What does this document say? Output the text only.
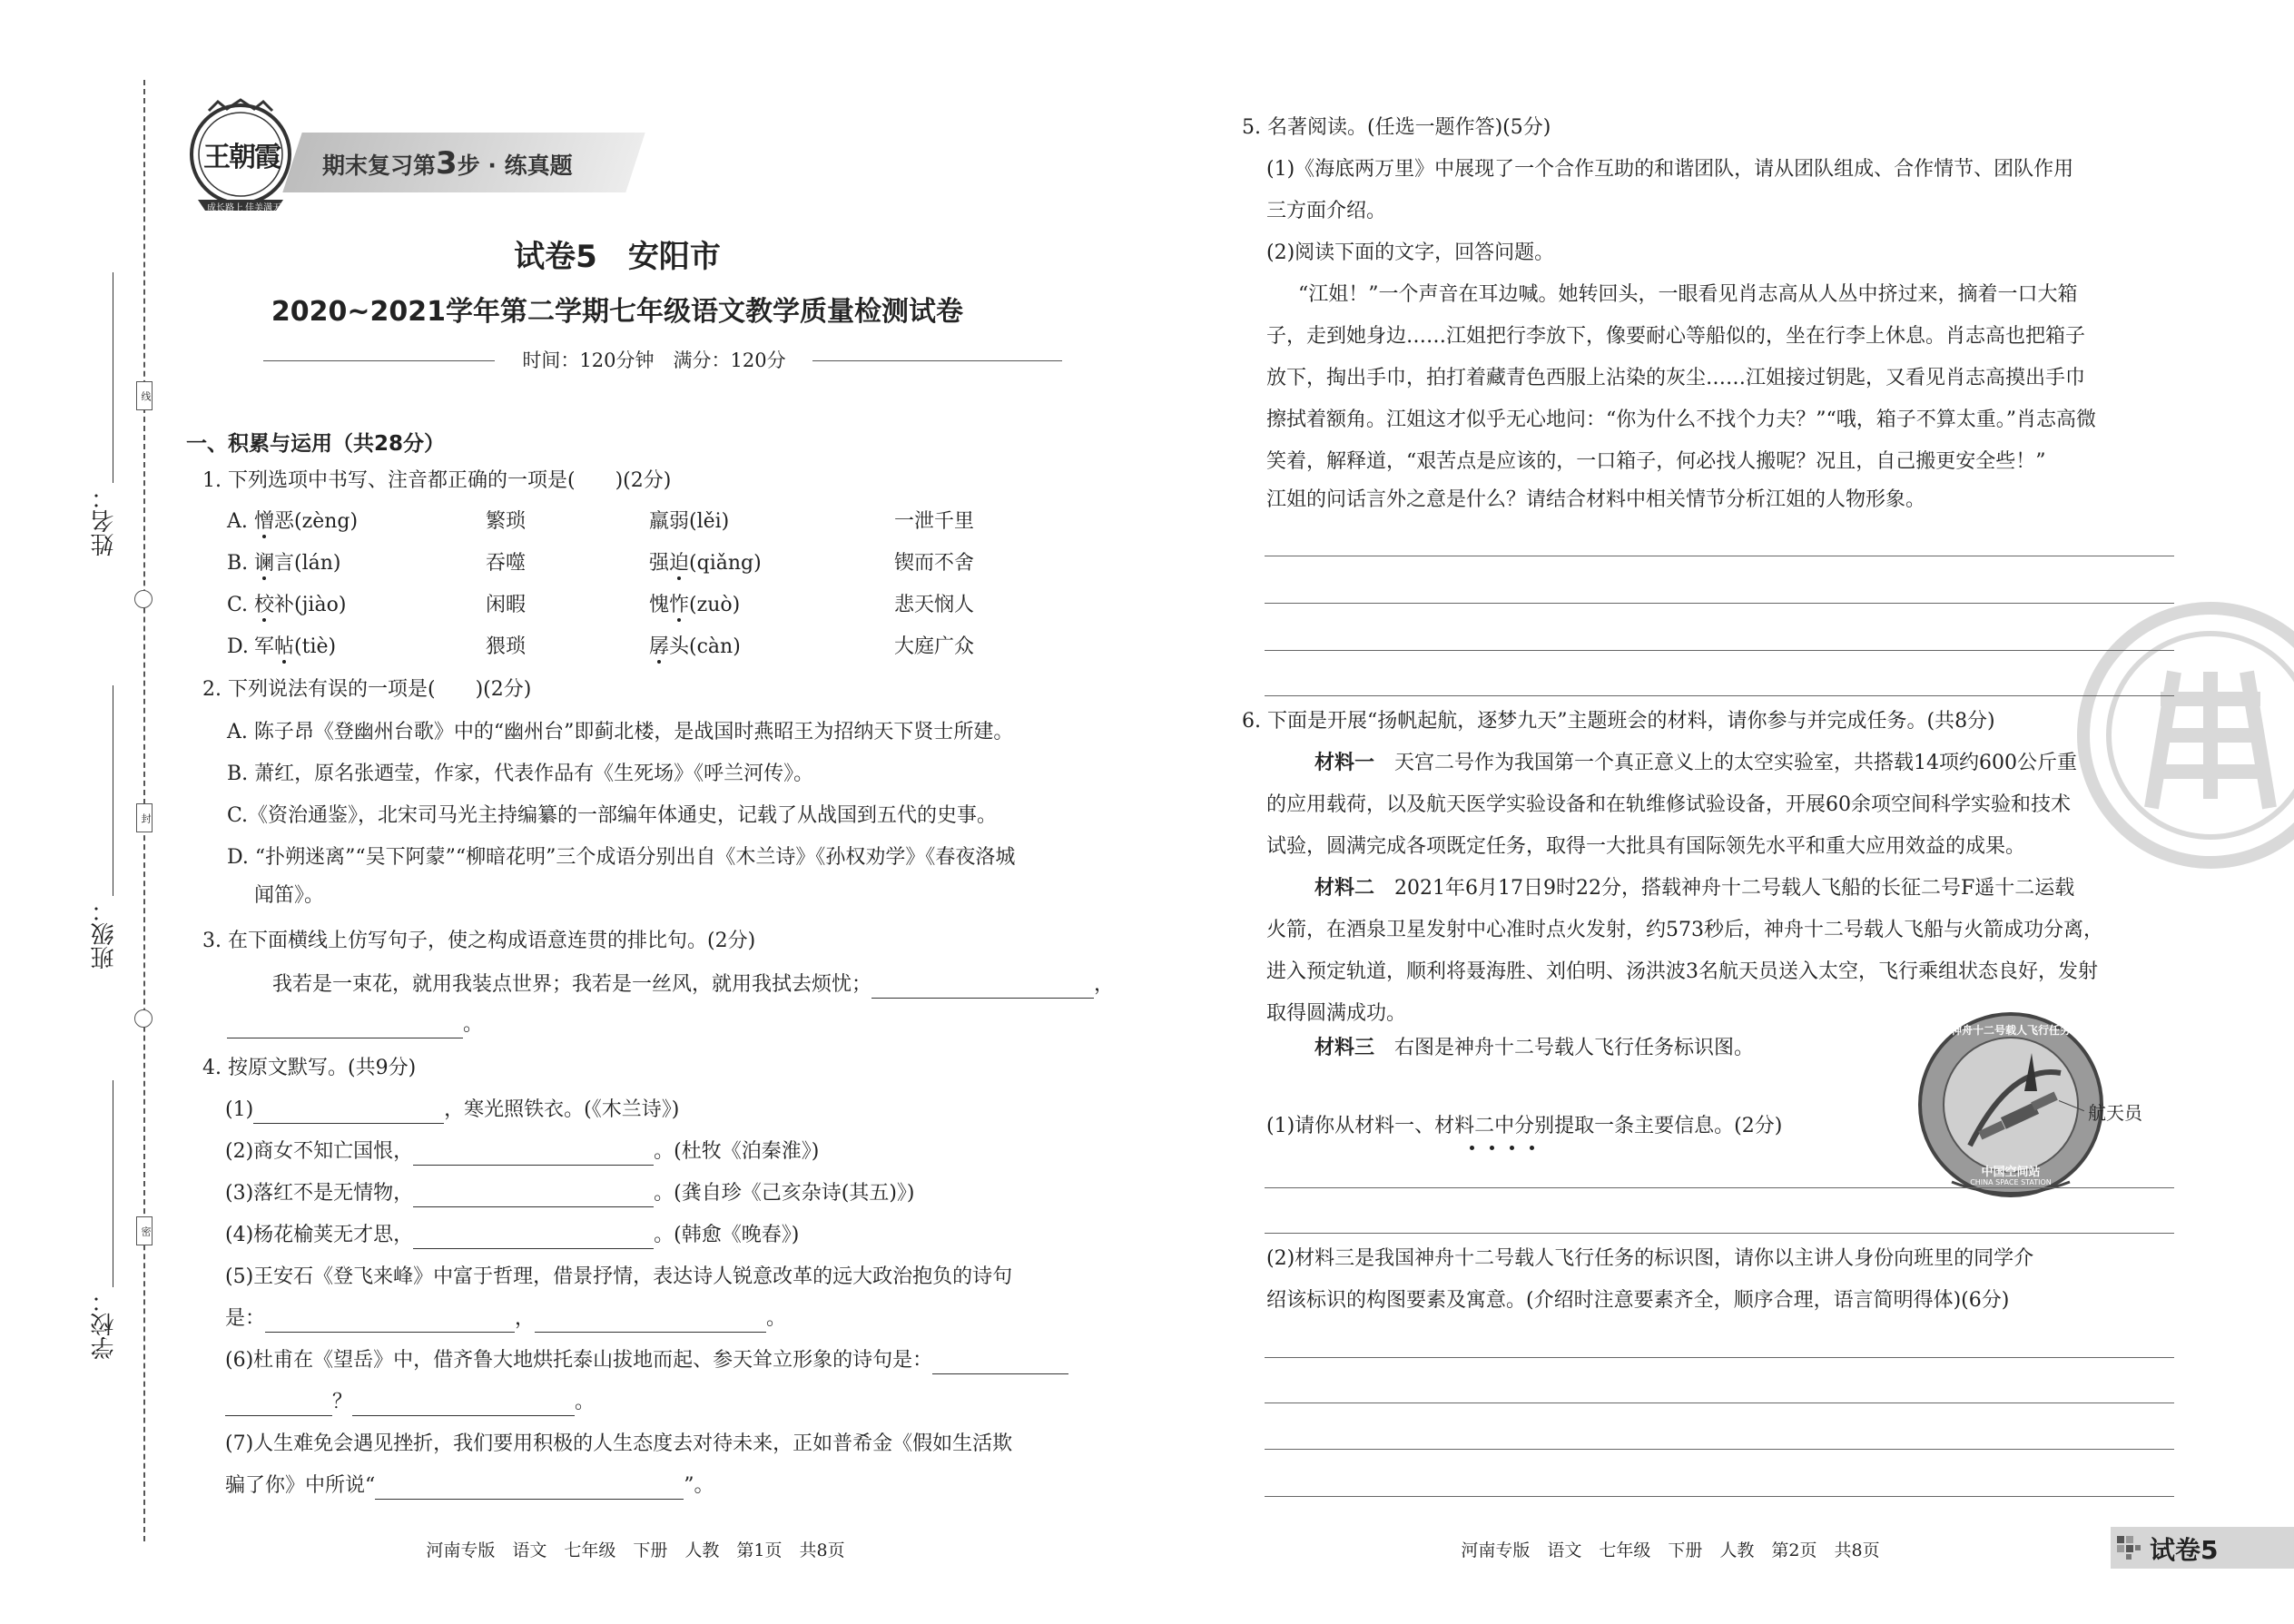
线
封
密
姓名：
班级：
学校：
王朝霞
成长路上 佳美满天
期末复习第3步 · 练真题
试卷5　安阳市
2020~2021学年第二学期七年级语文教学质量检测试卷
时间：120分钟　满分：120分
一、积累与运用（共28分）
1. 下列选项中书写、注音都正确的一项是(　　)(2分)
A. 憎恶(zèng)	繁琐	羸弱(lěi)	一泄千里
B. 谰言(lán)	吞噬	强迫(qiǎng)	锲而不舍
C. 校补(jiào)	闲暇	愧怍(zuò)	悲天悯人
D. 军帖(tiè)	猥琐	孱头(càn)	大庭广众
2. 下列说法有误的一项是(　　)(2分)
A. 陈子昂《登幽州台歌》中的“幽州台”即蓟北楼，是战国时燕昭王为招纳天下贤士所建。
B. 萧红，原名张迺莹，作家，代表作品有《生死场》《呼兰河传》。
C.《资治通鉴》，北宋司马光主持编纂的一部编年体通史，记载了从战国到五代的史事。
D. “扑朔迷离”“吴下阿蒙”“柳暗花明”三个成语分别出自《木兰诗》《孙权劝学》《春夜洛城
闻笛》。
3. 在下面横线上仿写句子，使之构成语意连贯的排比句。(2分)
我若是一束花，就用我装点世界；我若是一丝风，就用我拭去烦忧；	，
。
4. 按原文默写。(共9分)
(1)	，寒光照铁衣。(《木兰诗》)
(2)商女不知亡国恨，	。(杜牧《泊秦淮》)
(3)落红不是无情物，	。(龚自珍《己亥杂诗(其五)》)
(4)杨花榆荚无才思，	。(韩愈《晚春》)
(5)王安石《登飞来峰》中富于哲理，借景抒情，表达诗人锐意改革的远大政治抱负的诗句
是：	，	。
(6)杜甫在《望岳》中，借齐鲁大地烘托泰山拔地而起、参天耸立形象的诗句是：
？	。
(7)人生难免会遇见挫折，我们要用积极的人生态度去对待未来，正如普希金《假如生活欺
骗了你》中所说“	”。
河南专版　语文　七年级　下册　人教　第1页　共8页
5. 名著阅读。(任选一题作答)(5分)
(1)《海底两万里》中展现了一个合作互助的和谐团队，请从团队组成、合作情节、团队作用
三方面介绍。
(2)阅读下面的文字，回答问题。
“江姐！”一个声音在耳边喊。她转回头，一眼看见肖志高从人丛中挤过来，摘着一口大箱
子，走到她身边……江姐把行李放下，像要耐心等船似的，坐在行李上休息。肖志高也把箱子
放下，掏出手巾，拍打着藏青色西服上沾染的灰尘……江姐接过钥匙，又看见肖志高摸出手巾
擦拭着额角。江姐这才似乎无心地问：“你为什么不找个力夫？”“哦，箱子不算太重。”肖志高微
笑着，解释道，“艰苦点是应该的，一口箱子，何必找人搬呢？况且，自己搬更安全些！”
江姐的问话言外之意是什么？请结合材料中相关情节分析江姐的人物形象。
6. 下面是开展“扬帆起航，逐梦九天”主题班会的材料，请你参与并完成任务。(共8分)
材料一 天宫二号作为我国第一个真正意义上的太空实验室，共搭载14项约600公斤重
的应用载荷，以及航天医学实验设备和在轨维修试验设备，开展60余项空间科学实验和技术
试验，圆满完成各项既定任务，取得一大批具有国际领先水平和重大应用效益的成果。
材料二 2021年6月17日9时22分，搭载神舟十二号载人飞船的长征二号F遥十二运载
火箭，在酒泉卫星发射中心准时点火发射，约573秒后，神舟十二号载人飞船与火箭成功分离，
进入预定轨道，顺利将聂海胜、刘伯明、汤洪波3名航天员送入太空，飞行乘组状态良好，发射
取得圆满成功。
材料三 右图是神舟十二号载人飞行任务标识图。
神舟十二号载人飞行任务
中国空间站
CHINA SPACE STATION
航天员
(1)请你从材料一、材料二中分别提取一条主要信息。(2分)
(2)材料三是我国神舟十二号载人飞行任务的标识图，请你以主讲人身份向班里的同学介
绍该标识的构图要素及寓意。(介绍时注意要素齐全，顺序合理，语言简明得体)(6分)
河南专版　语文　七年级　下册　人教　第2页　共8页	试卷5
